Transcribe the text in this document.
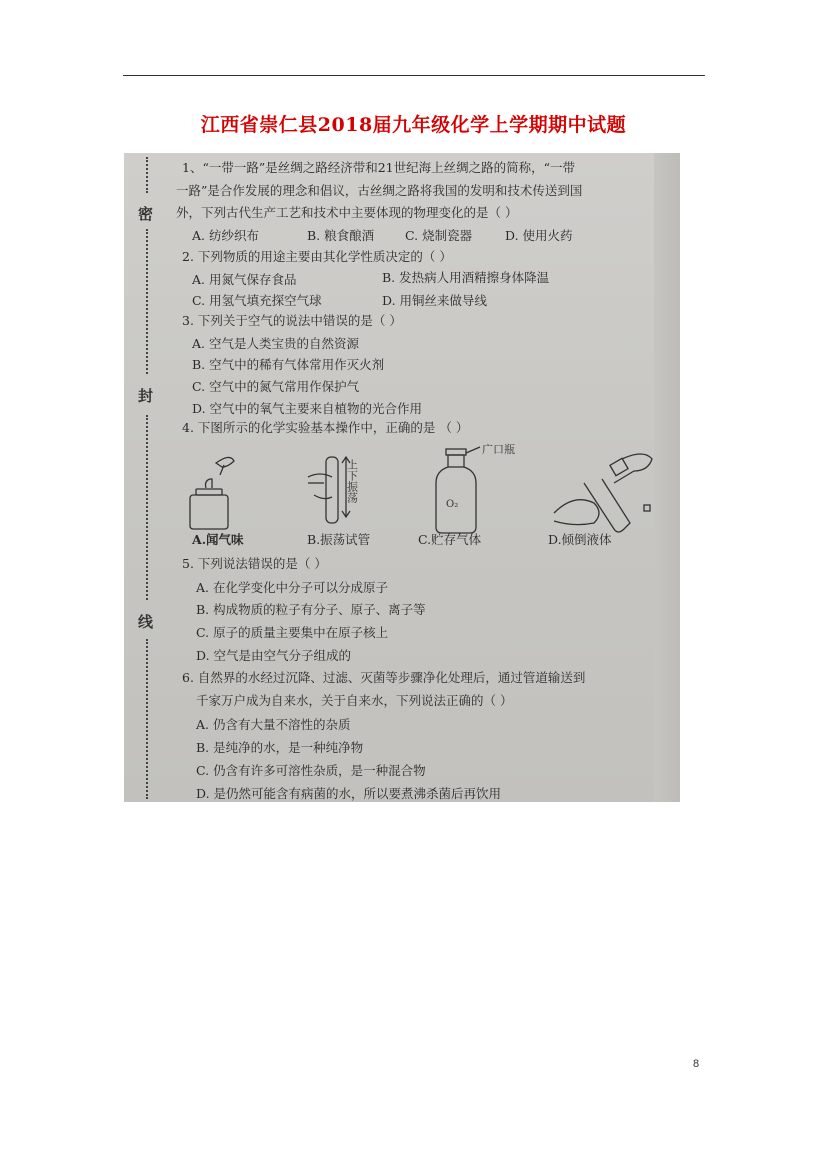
江西省崇仁县2018届九年级化学上学期期中试题
密
封
线
1、“一带一路”是丝绸之路经济带和21世纪海上丝绸之路的简称，“一带
一路”是合作发展的理念和倡议，古丝绸之路将我国的发明和技术传送到国
外，下列古代生产工艺和技术中主要体现的物理变化的是（ ）
A. 纺纱织布	B. 粮食酿酒 C. 烧制瓷器	D. 使用火药
2. 下列物质的用途主要由其化学性质决定的（ ）
A. 用氮气保存食品	B. 发热病人用酒精擦身体降温
C. 用氢气填充探空气球	D. 用铜丝来做导线
3. 下列关于空气的说法中错误的是（ ）
A. 空气是人类宝贵的自然资源
B. 空气中的稀有气体常用作灭火剂
C. 空气中的氮气常用作保护气
D. 空气中的氧气主要来自植物的光合作用
4. 下图所示的化学实验基本操作中，正确的是 （ ）
上下振荡
广口瓶
O₂
A.闻气味	B.振荡试管	C.贮存气体	D.倾倒液体
5. 下列说法错误的是（ ）
A. 在化学变化中分子可以分成原子
B. 构成物质的粒子有分子、原子、离子等
C. 原子的质量主要集中在原子核上
D. 空气是由空气分子组成的
6. 自然界的水经过沉降、过滤、灭菌等步骤净化处理后，通过管道输送到
千家万户成为自来水，关于自来水，下列说法正确的（ ）
A. 仍含有大量不溶性的杂质
B. 是纯净的水，是一种纯净物
C. 仍含有许多可溶性杂质，是一种混合物
D. 是仍然可能含有病菌的水，所以要煮沸杀菌后再饮用
8
